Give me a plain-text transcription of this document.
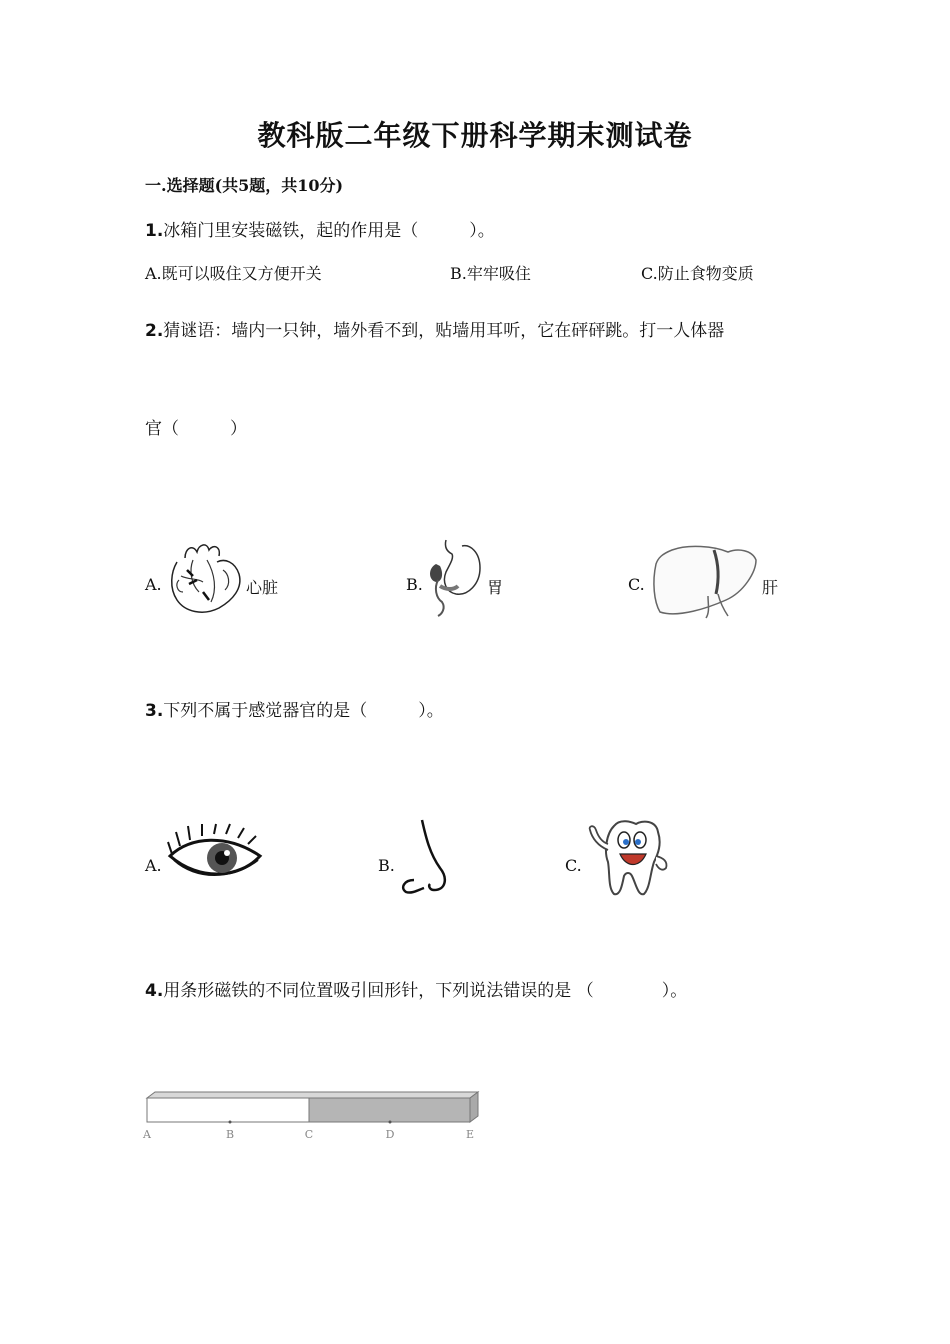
教科版二年级下册科学期末测试卷
一.选择题(共5题，共10分)
1.冰箱门里安装磁铁，起的作用是（　　　）。
A.既可以吸住又方便开关	B.牢牢吸住	C.防止食物变质
2.猜谜语：墙内一只钟，墙外看不到，贴墙用耳听，它在砰砰跳。打一人体器
官（　　　）
A.	心脏	B.	胃	C.	肝
3.下列不属于感觉器官的是（　　　）。
A.	B.	C.
4.用条形磁铁的不同位置吸引回形针，下列说法错误的是 （　　　　）。
A	B	C	D	E
